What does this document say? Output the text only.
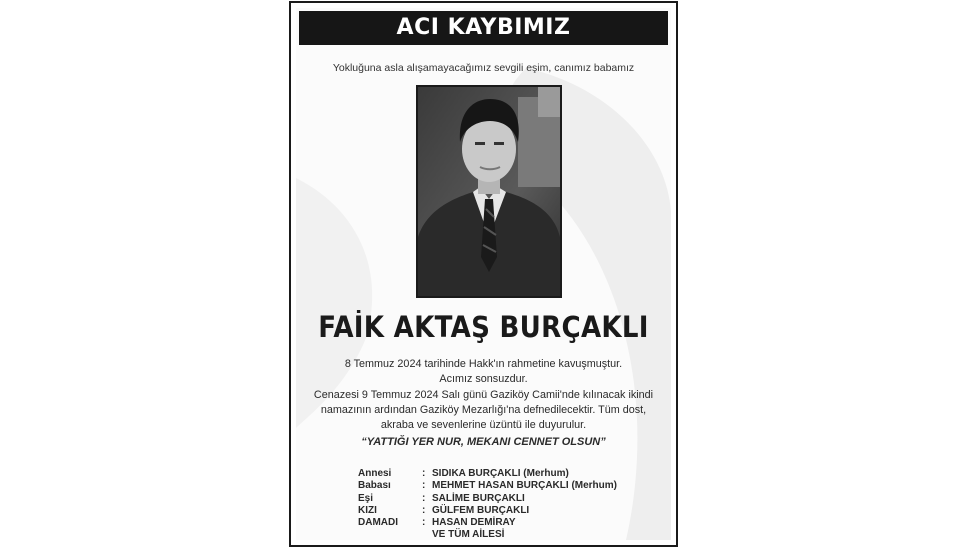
ACI KAYBIMIZ
Yokluğuna asla alışamayacağımız sevgili eşim, canımız babamız
FAİK AKTAŞ BURÇAKLI
8 Temmuz 2024 tarihinde Hakk'ın rahmetine kavuşmuştur.
Acımız sonsuzdur.
Cenazesi 9 Temmuz 2024 Salı günü Gaziköy Camii'nde kılınacak ikindi
namazının ardından Gaziköy Mezarlığı'na defnedilecektir. Tüm dost,
akraba ve sevenlerine üzüntü ile duyurulur.
“YATTIĞI YER NUR, MEKANI CENNET OLSUN”
Annesi	: SIDIKA BURÇAKLI (Merhum)
Babası	: MEHMET HASAN BURÇAKLI (Merhum)
Eşi	: SALİME BURÇAKLI
KIZI	: GÜLFEM BURÇAKLI
DAMADI	: HASAN DEMİRAY
VE TÜM AİLESİ
